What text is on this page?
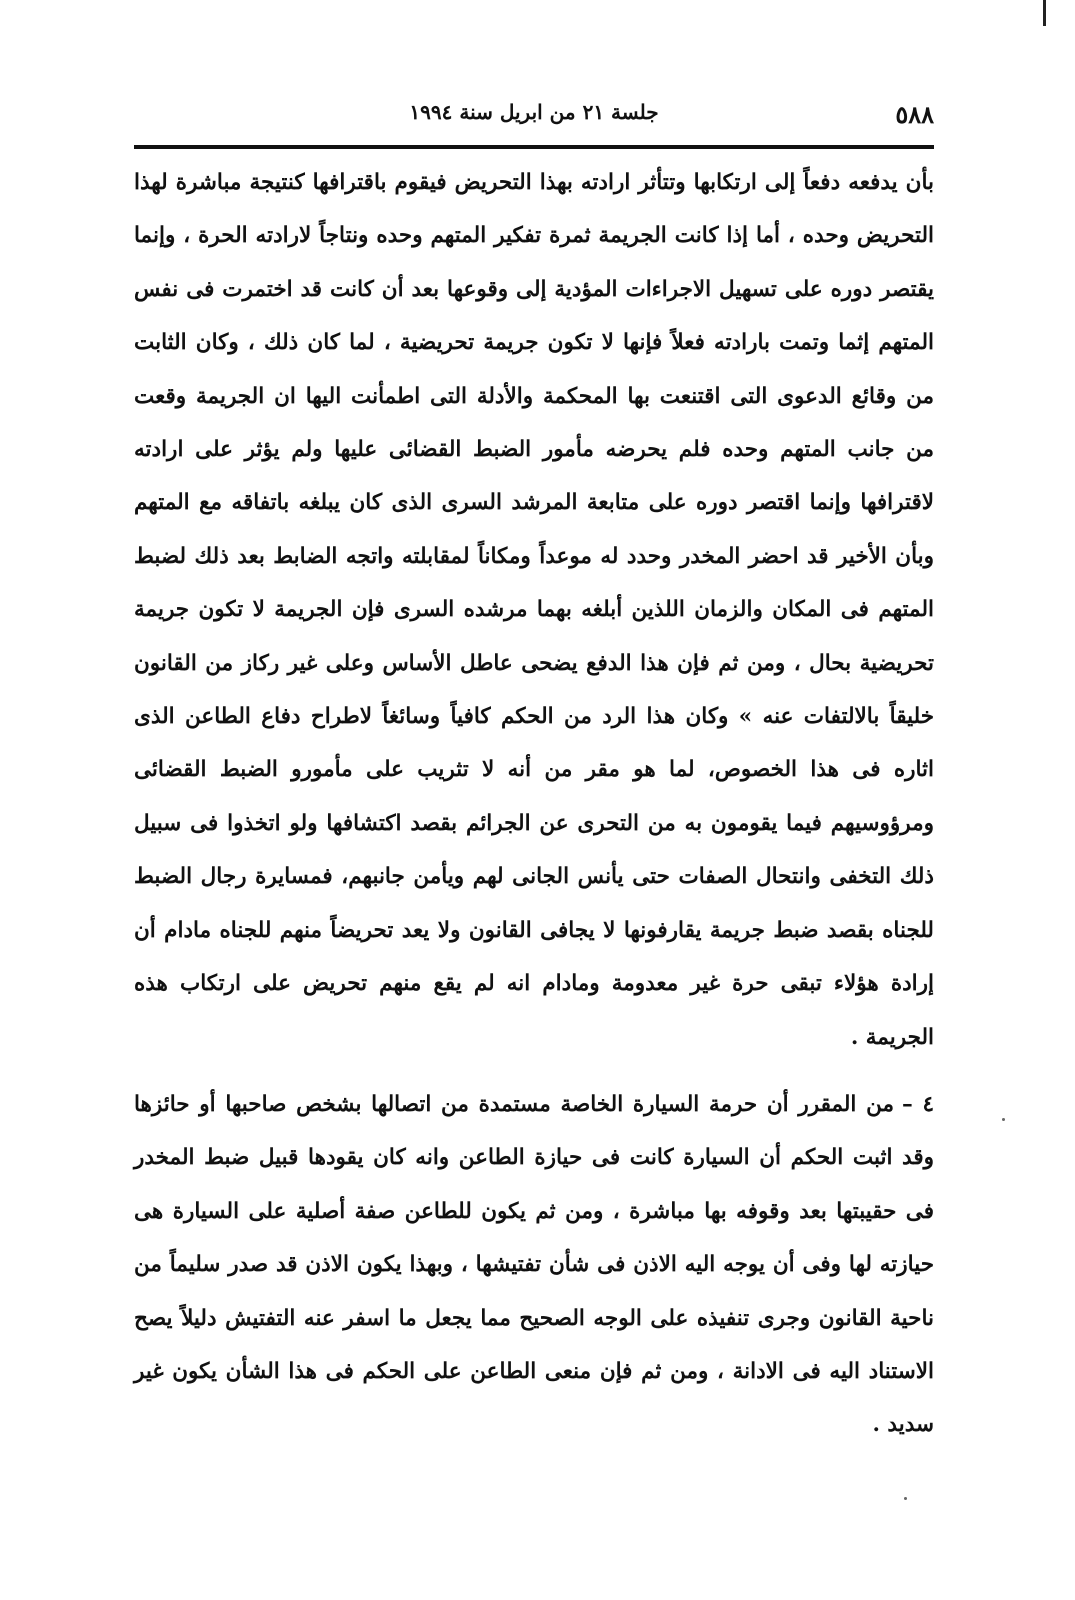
٥٨٨
جلسة ٢١ من ابريل سنة ١٩٩٤

بأن يدفعه دفعاً إلى ارتكابها وتتأثر ارادته بهذا التحريض فيقوم باقترافها كنتيجة مباشرة لهذا التحريض وحده ، أما إذا كانت الجريمة ثمرة تفكير المتهم وحده ونتاجاً لارادته الحرة ، وإنما يقتصر دوره على تسهيل الاجراءات المؤدية إلى وقوعها بعد أن كانت قد اختمرت فى نفس المتهم إثما وتمت بارادته فعلاً فإنها لا تكون جريمة تحريضية ، لما كان ذلك ، وكان الثابت من وقائع الدعوى التى اقتنعت بها المحكمة والأدلة التى اطمأنت اليها ان الجريمة وقعت من جانب المتهم وحده فلم يحرضه مأمور الضبط القضائى عليها ولم يؤثر على ارادته لاقترافها وإنما اقتصر دوره على متابعة المرشد السرى الذى كان يبلغه باتفاقه مع المتهم وبأن الأخير قد احضر المخدر وحدد له موعداً ومكاناً لمقابلته واتجه الضابط بعد ذلك لضبط المتهم فى المكان والزمان اللذين أبلغه بهما مرشده السرى فإن الجريمة لا تكون جريمة تحريضية بحال ، ومن ثم فإن هذا الدفع يضحى عاطل الأساس وعلى غير ركاز من القانون خليقاً بالالتفات عنه » وكان هذا الرد من الحكم كافياً وسائغاً لاطراح دفاع الطاعن الذى اثاره فى هذا الخصوص، لما هو مقر من أنه لا تثريب على مأمورو الضبط القضائى ومرؤوسيهم فيما يقومون به من التحرى عن الجرائم بقصد اكتشافها ولو اتخذوا فى سبيل ذلك التخفى وانتحال الصفات حتى يأنس الجانى لهم ويأمن جانبهم، فمسايرة رجال الضبط للجناه بقصد ضبط جريمة يقارفونها لا يجافى القانون ولا يعد تحريضاً منهم للجناه مادام أن إرادة هؤلاء تبقى حرة غير معدومة ومادام انه لم يقع منهم تحريض على ارتكاب هذه الجريمة .

٤ –من المقرر أن حرمة السيارة الخاصة مستمدة من اتصالها بشخص صاحبها أو حائزها وقد اثبت الحكم أن السيارة كانت فى حيازة الطاعن وانه كان يقودها قبيل ضبط المخدر فى حقيبتها بعد وقوفه بها مباشرة ، ومن ثم يكون للطاعن صفة أصلية على السيارة هى حيازته لها وفى أن يوجه اليه الاذن فى شأن تفتيشها ، وبهذا يكون الاذن قد صدر سليماً من ناحية القانون وجرى تنفيذه على الوجه الصحيح مما يجعل ما اسفر عنه التفتيش دليلاً يصح الاستناد اليه فى الادانة ، ومن ثم فإن منعى الطاعن على الحكم فى هذا الشأن يكون غير سديد .
